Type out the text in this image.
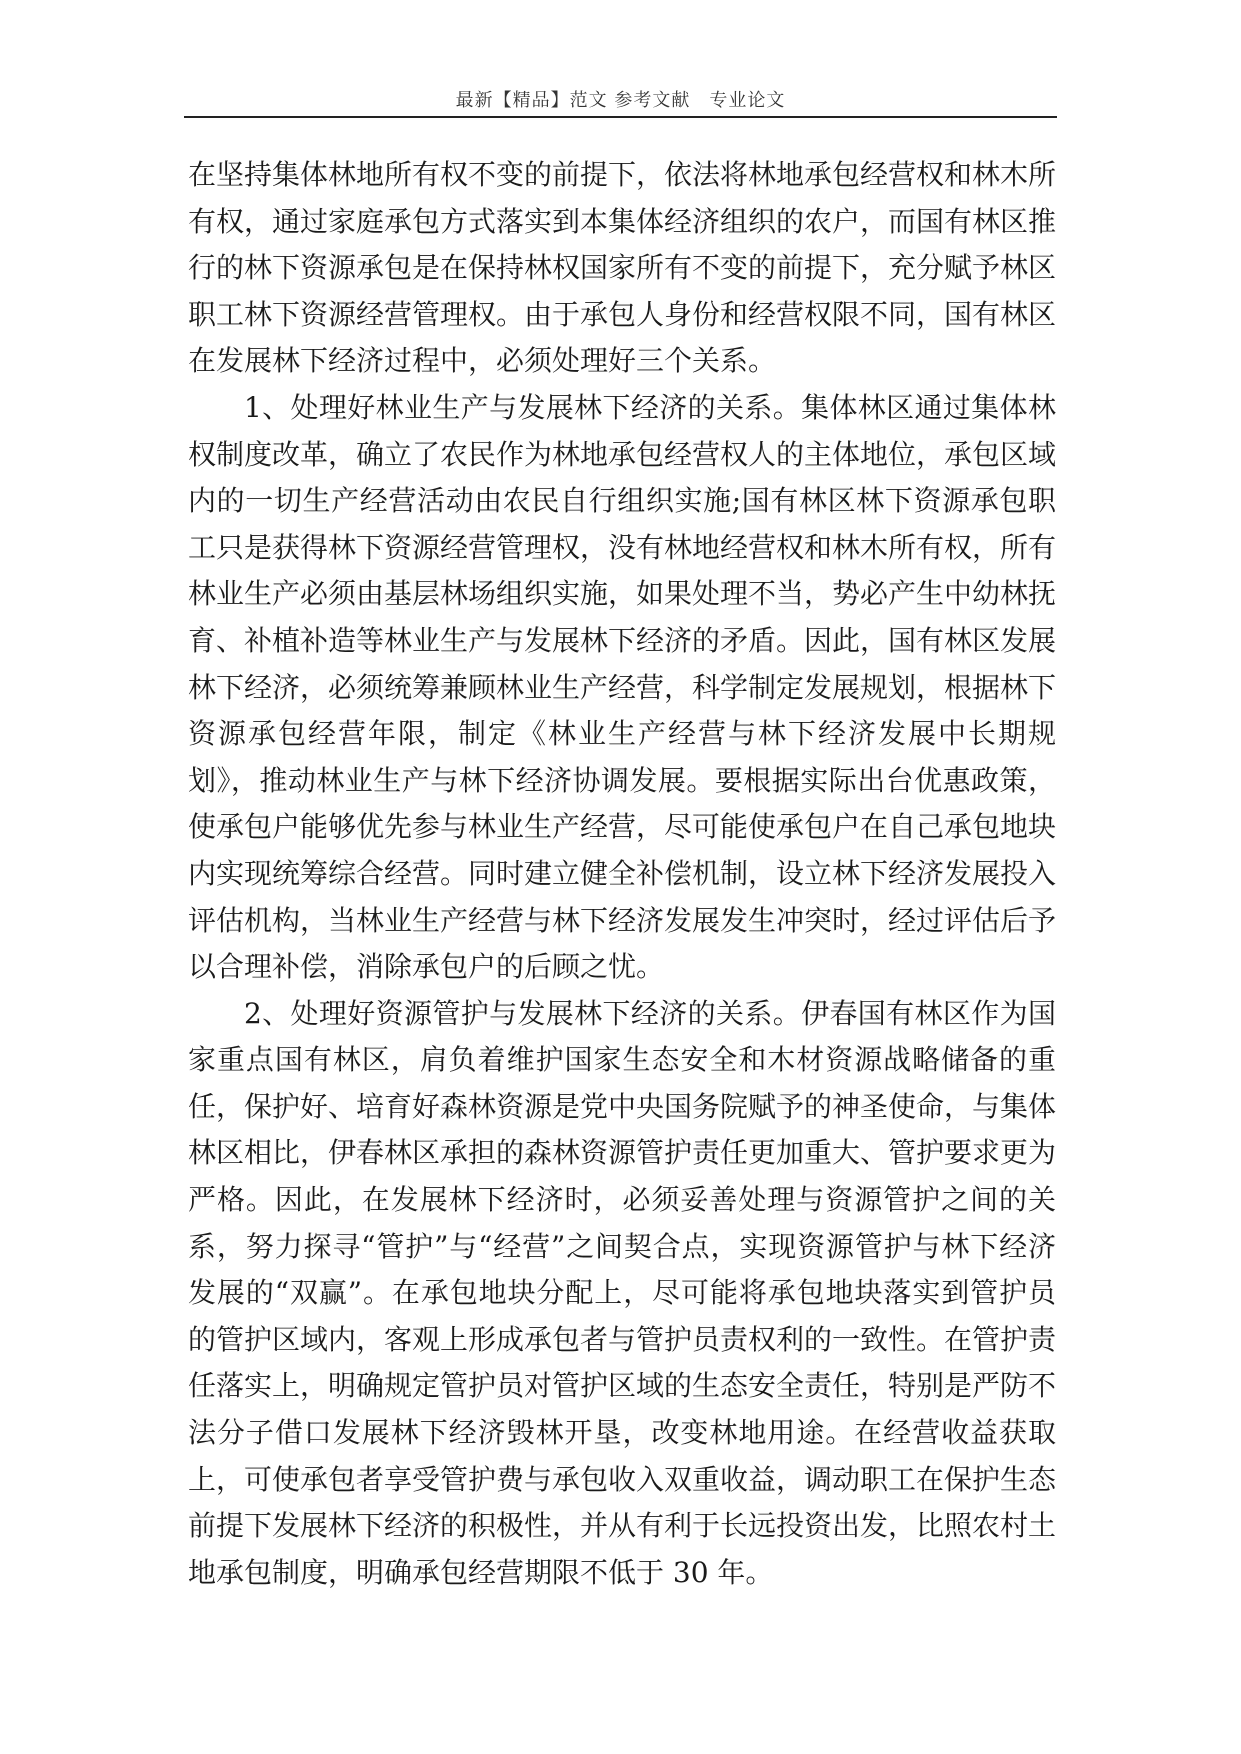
最新【精品】范文 参考文献　专业论文

在坚持集体林地所有权不变的前提下，依法将林地承包经营权和林木所有权，通过家庭承包方式落实到本集体经济组织的农户，而国有林区推行的林下资源承包是在保持林权国家所有不变的前提下，充分赋予林区职工林下资源经营管理权。由于承包人身份和经营权限不同，国有林区在发展林下经济过程中，必须处理好三个关系。

1、处理好林业生产与发展林下经济的关系。集体林区通过集体林权制度改革，确立了农民作为林地承包经营权人的主体地位，承包区域内的一切生产经营活动由农民自行组织实施;国有林区林下资源承包职工只是获得林下资源经营管理权，没有林地经营权和林木所有权，所有林业生产必须由基层林场组织实施，如果处理不当，势必产生中幼林抚育、补植补造等林业生产与发展林下经济的矛盾。因此，国有林区发展林下经济，必须统筹兼顾林业生产经营，科学制定发展规划，根据林下资源承包经营年限，制定《林业生产经营与林下经济发展中长期规划》，推动林业生产与林下经济协调发展。要根据实际出台优惠政策，使承包户能够优先参与林业生产经营，尽可能使承包户在自己承包地块内实现统筹综合经营。同时建立健全补偿机制，设立林下经济发展投入评估机构，当林业生产经营与林下经济发展发生冲突时，经过评估后予以合理补偿，消除承包户的后顾之忧。

2、处理好资源管护与发展林下经济的关系。伊春国有林区作为国家重点国有林区，肩负着维护国家生态安全和木材资源战略储备的重任，保护好、培育好森林资源是党中央国务院赋予的神圣使命，与集体林区相比，伊春林区承担的森林资源管护责任更加重大、管护要求更为严格。因此，在发展林下经济时，必须妥善处理与资源管护之间的关系，努力探寻“管护”与“经营”之间契合点，实现资源管护与林下经济发展的“双赢”。在承包地块分配上，尽可能将承包地块落实到管护员的管护区域内，客观上形成承包者与管护员责权利的一致性。在管护责任落实上，明确规定管护员对管护区域的生态安全责任，特别是严防不法分子借口发展林下经济毁林开垦，改变林地用途。在经营收益获取上，可使承包者享受管护费与承包收入双重收益，调动职工在保护生态前提下发展林下经济的积极性，并从有利于长远投资出发，比照农村土地承包制度，明确承包经营期限不低于 30 年。
